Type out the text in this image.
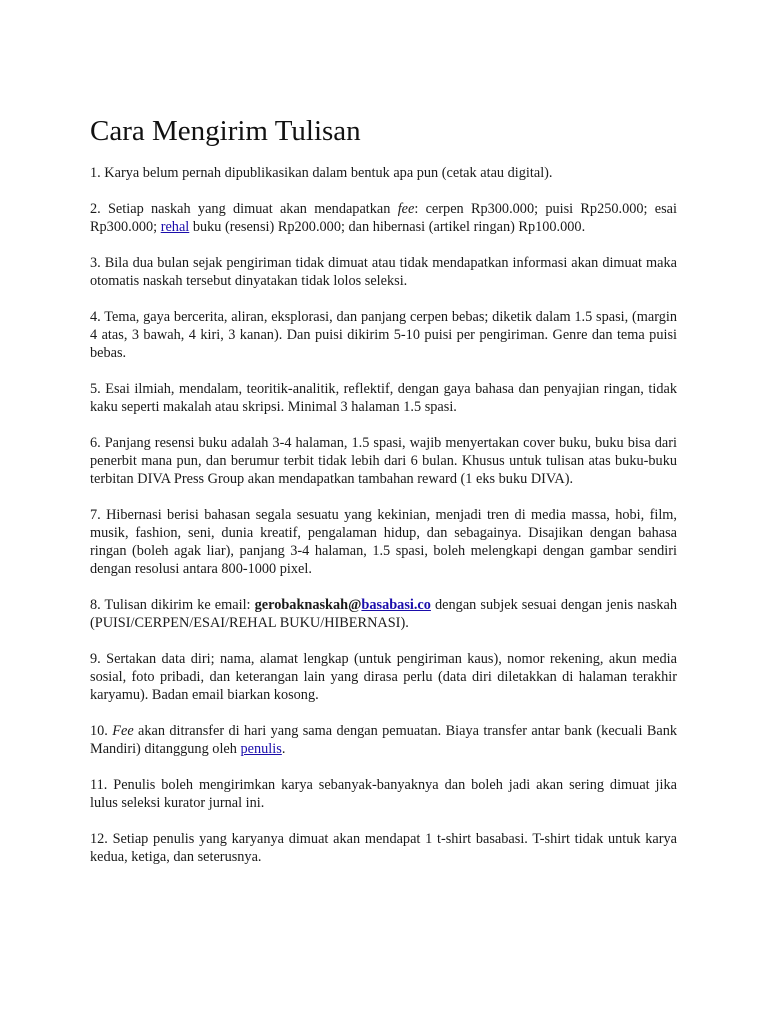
Cara Mengirim Tulisan

1. Karya belum pernah dipublikasikan dalam bentuk apa pun (cetak atau digital).

2. Setiap naskah yang dimuat akan mendapatkan fee: cerpen Rp300.000; puisi Rp250.000; esai Rp300.000; rehal buku (resensi) Rp200.000; dan hibernasi (artikel ringan) Rp100.000.

3. Bila dua bulan sejak pengiriman tidak dimuat atau tidak mendapatkan informasi akan dimuat maka otomatis naskah tersebut dinyatakan tidak lolos seleksi.

4. Tema, gaya bercerita, aliran, eksplorasi, dan panjang cerpen bebas; diketik dalam 1.5 spasi, (margin 4 atas, 3 bawah, 4 kiri, 3 kanan). Dan puisi dikirim 5-10 puisi per pengiriman. Genre dan tema puisi bebas.

5. Esai ilmiah, mendalam, teoritik-analitik, reflektif, dengan gaya bahasa dan penyajian ringan, tidak kaku seperti makalah atau skripsi. Minimal 3 halaman 1.5 spasi.

6. Panjang resensi buku adalah 3-4 halaman, 1.5 spasi, wajib menyertakan cover buku, buku bisa dari penerbit mana pun, dan berumur terbit tidak lebih dari 6 bulan. Khusus untuk tulisan atas buku-buku terbitan DIVA Press Group akan mendapatkan tambahan reward (1 eks buku DIVA).

7. Hibernasi berisi bahasan segala sesuatu yang kekinian, menjadi tren di media massa, hobi, film, musik, fashion, seni, dunia kreatif, pengalaman hidup, dan sebagainya. Disajikan dengan bahasa ringan (boleh agak liar), panjang 3-4 halaman, 1.5 spasi, boleh melengkapi dengan gambar sendiri dengan resolusi antara 800-1000 pixel.

8. Tulisan dikirim ke email: gerobaknaskah@basabasi.co dengan subjek sesuai dengan jenis naskah (PUISI/CERPEN/ESAI/REHAL BUKU/HIBERNASI).

9. Sertakan data diri; nama, alamat lengkap (untuk pengiriman kaus), nomor rekening, akun media sosial, foto pribadi, dan keterangan lain yang dirasa perlu (data diri diletakkan di halaman terakhir karyamu). Badan email biarkan kosong.

10. Fee akan ditransfer di hari yang sama dengan pemuatan. Biaya transfer antar bank (kecuali Bank Mandiri) ditanggung oleh penulis.

11. Penulis boleh mengirimkan karya sebanyak-banyaknya dan boleh jadi akan sering dimuat jika lulus seleksi kurator jurnal ini.

12. Setiap penulis yang karyanya dimuat akan mendapat 1 t-shirt basabasi. T-shirt tidak untuk karya kedua, ketiga, dan seterusnya.
